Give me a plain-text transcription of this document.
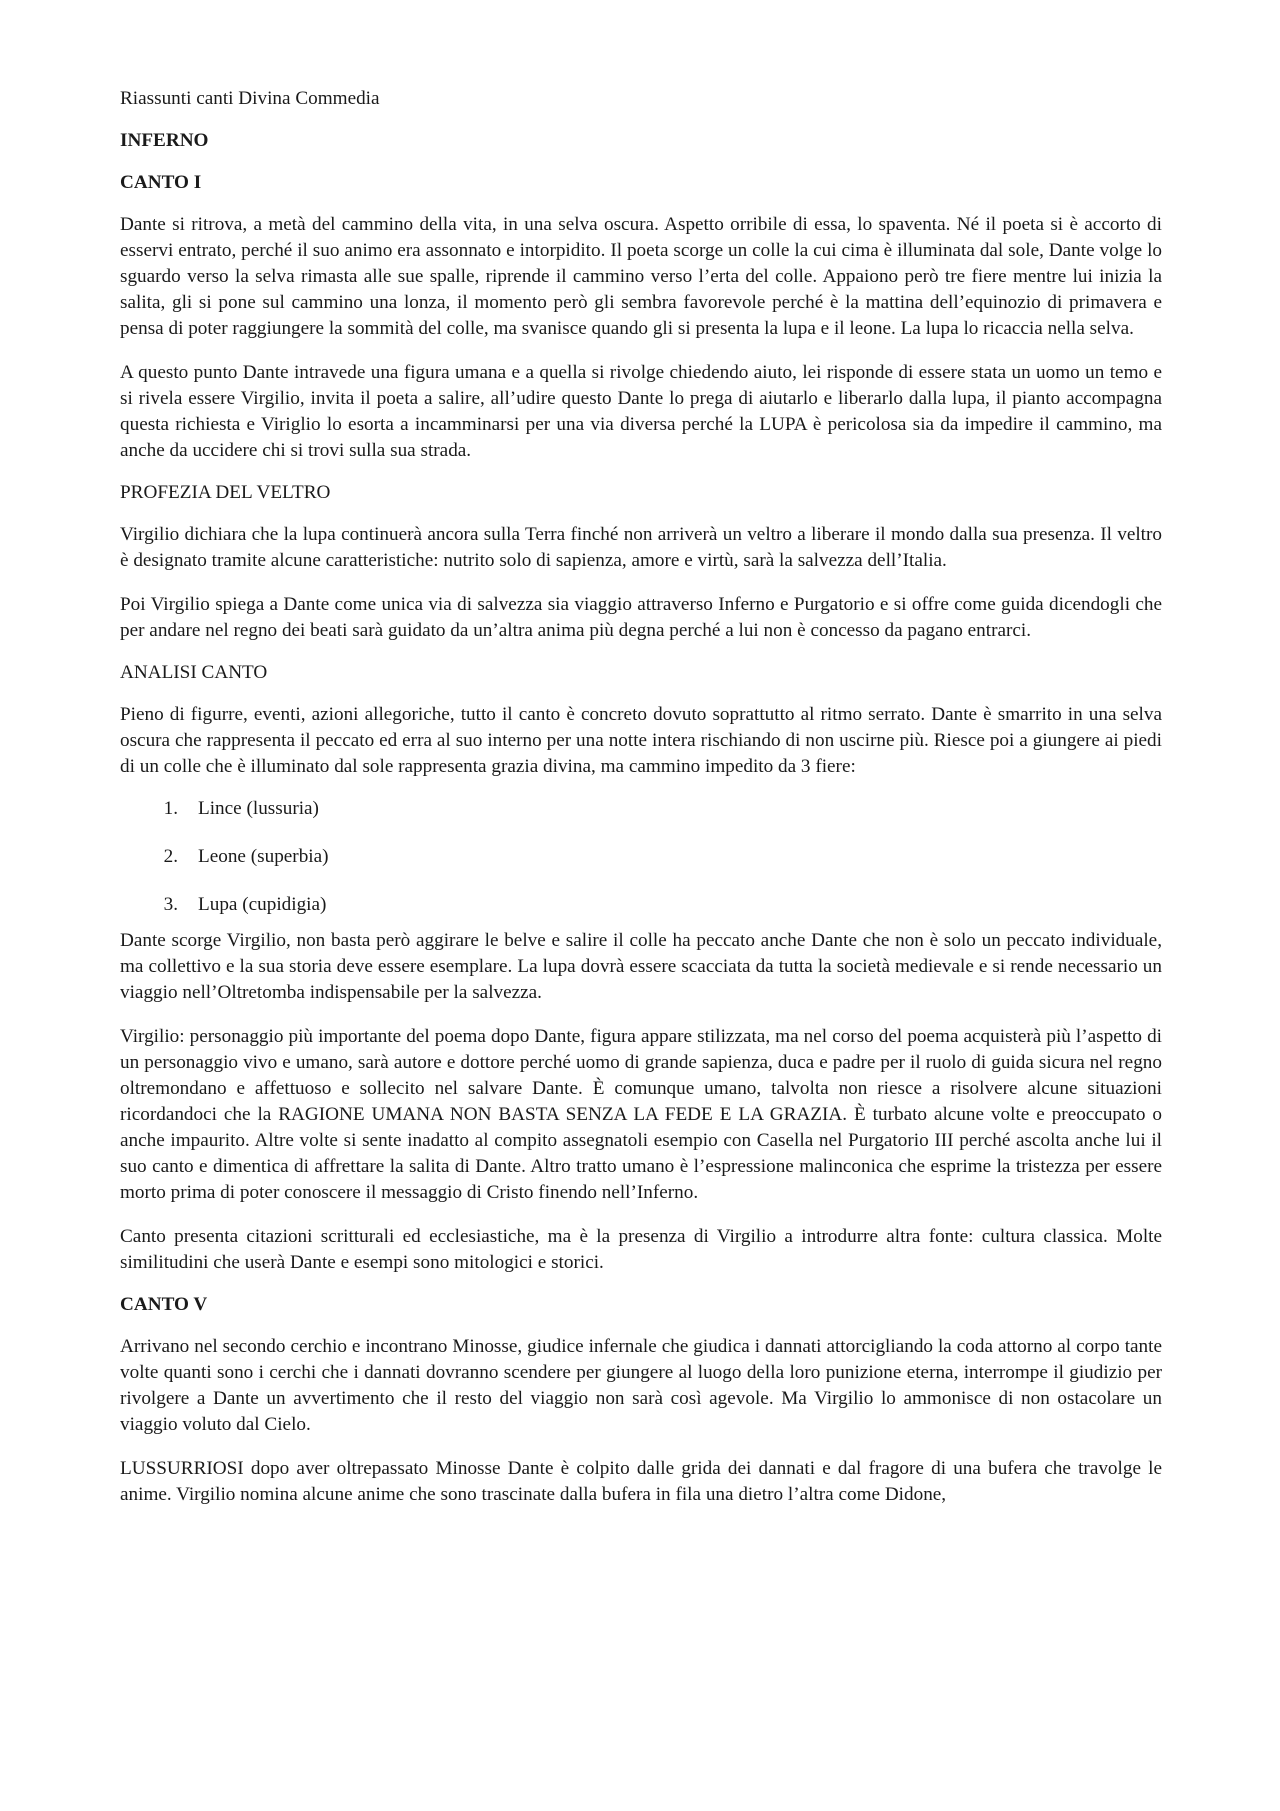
Riassunti canti Divina Commedia

INFERNO

CANTO I

Dante si ritrova, a metà del cammino della vita, in una selva oscura. Aspetto orribile di essa, lo spaventa. Né il poeta si è accorto di esservi entrato, perché il suo animo era assonnato e intorpidito. Il poeta scorge un colle la cui cima è illuminata dal sole, Dante volge lo sguardo verso la selva rimasta alle sue spalle, riprende il cammino verso l’erta del colle. Appaiono però tre fiere mentre lui inizia la salita, gli si pone sul cammino una lonza, il momento però gli sembra favorevole perché è la mattina dell’equinozio di primavera e pensa di poter raggiungere la sommità del colle, ma svanisce quando gli si presenta la lupa e il leone. La lupa lo ricaccia nella selva.

A questo punto Dante intravede una figura umana e a quella si rivolge chiedendo aiuto, lei risponde di essere stata un uomo un temo e si rivela essere Virgilio, invita il poeta a salire, all’udire questo Dante lo prega di aiutarlo e liberarlo dalla lupa, il pianto accompagna questa richiesta e Viriglio lo esorta a incamminarsi per una via diversa perché la LUPA è pericolosa sia da impedire il cammino, ma anche da uccidere chi si trovi sulla sua strada.

PROFEZIA DEL VELTRO

Virgilio dichiara che la lupa continuerà ancora sulla Terra finché non arriverà un veltro a liberare il mondo dalla sua presenza. Il veltro è designato tramite alcune caratteristiche: nutrito solo di sapienza, amore e virtù, sarà la salvezza dell’Italia.

Poi Virgilio spiega a Dante come unica via di salvezza sia viaggio attraverso Inferno e Purgatorio e si offre come guida dicendogli che per andare nel regno dei beati sarà guidato da un’altra anima più degna perché a lui non è concesso da pagano entrarci.

ANALISI CANTO

Pieno di figurre, eventi, azioni allegoriche, tutto il canto è concreto dovuto soprattutto al ritmo serrato. Dante è smarrito in una selva oscura che rappresenta il peccato ed erra al suo interno per una notte intera rischiando di non uscirne più. Riesce poi a giungere ai piedi di un colle che è illuminato dal sole rappresenta grazia divina, ma cammino impedito da 3 fiere:

1.	Lince (lussuria)
2.	Leone (superbia)
3.	Lupa (cupidigia)

Dante scorge Virgilio, non basta però aggirare le belve e salire il colle ha peccato anche Dante che non è solo un peccato individuale, ma collettivo e la sua storia deve essere esemplare. La lupa dovrà essere scacciata da tutta la società medievale e si rende necessario un viaggio nell’Oltretomba indispensabile per la salvezza.

Virgilio: personaggio più importante del poema dopo Dante, figura appare stilizzata, ma nel corso del poema acquisterà più l’aspetto di un personaggio vivo e umano, sarà autore e dottore perché uomo di grande sapienza, duca e padre per il ruolo di guida sicura nel regno oltremondano e affettuoso e sollecito nel salvare Dante. È comunque umano, talvolta non riesce a risolvere alcune situazioni ricordandoci che la RAGIONE UMANA NON BASTA SENZA LA FEDE E LA GRAZIA. È turbato alcune volte e preoccupato o anche impaurito. Altre volte si sente inadatto al compito assegnatoli esempio con Casella nel Purgatorio III perché ascolta anche lui il suo canto e dimentica di affrettare la salita di Dante. Altro tratto umano è l’espressione malinconica che esprime la tristezza per essere morto prima di poter conoscere il messaggio di Cristo finendo nell’Inferno.

Canto presenta citazioni scritturali ed ecclesiastiche, ma è la presenza di Virgilio a introdurre altra fonte: cultura classica. Molte similitudini che userà Dante e esempi sono mitologici e storici.

CANTO V

Arrivano nel secondo cerchio e incontrano Minosse, giudice infernale che giudica i dannati attorcigliando la coda attorno al corpo tante volte quanti sono i cerchi che i dannati dovranno scendere per giungere al luogo della loro punizione eterna, interrompe il giudizio per rivolgere a Dante un avvertimento che il resto del viaggio non sarà così agevole. Ma Virgilio lo ammonisce di non ostacolare un viaggio voluto dal Cielo.

LUSSURRIOSI dopo aver oltrepassato Minosse Dante è colpito dalle grida dei dannati e dal fragore di una bufera che travolge le anime. Virgilio nomina alcune anime che sono trascinate dalla bufera in fila una dietro l’altra come Didone,
